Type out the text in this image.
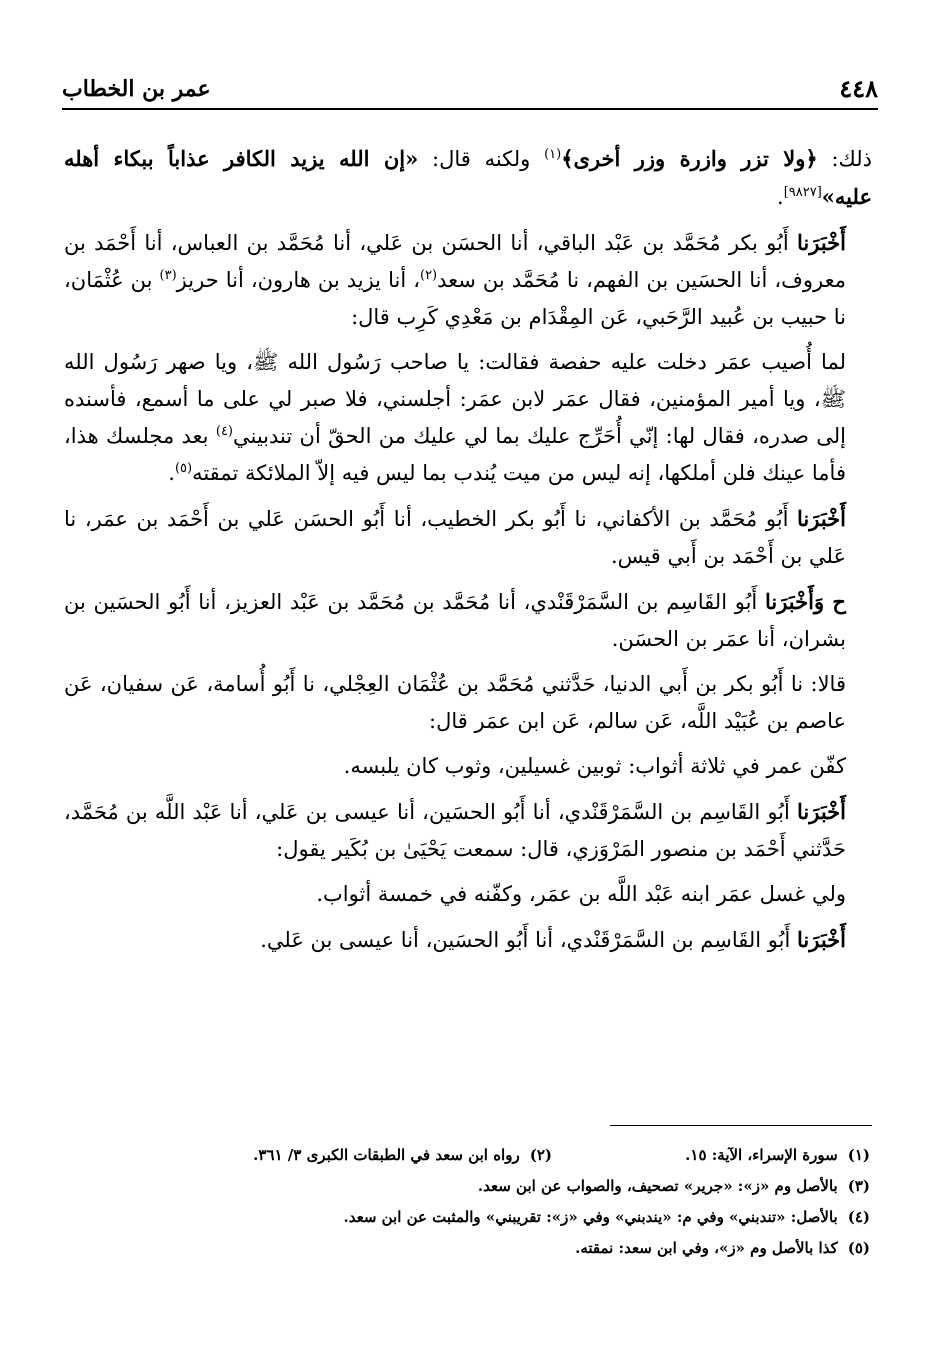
٤٤٨
عمر بن الخطاب

ذلك: ﴿ولا تزر وازرة وزر أخرى﴾$^{(١)}$ ولكنه قال: «إن الله يزيد الكافر عذاباً ببكاء أهله عليه»[٩٨٢٧].

أَخْبَرَنا أَبُو بكر مُحَمَّد بن عَبْد الباقي، أنا الحسَن بن عَلي، أنا مُحَمَّد بن العباس، أنا أَحْمَد بن معروف، أنا الحسَين بن الفهم، نا مُحَمَّد بن سعد$^{(٢)}$، أنا يزيد بن هارون، أنا حريز$^{(٣)}$ بن عُثْمَان، نا حبيب بن عُبيد الرَّحَبي، عَن المِقْدَام بن مَعْدِي كَرِب قال:

لما أُصيب عمَر دخلت عليه حفصة فقالت: يا صاحب رَسُول الله ﷺ، ويا صهر رَسُول الله ﷺ، ويا أمير المؤمنين، فقال عمَر لابن عمَر: أجلسني، فلا صبر لي على ما أسمع، فأسنده إلى صدره، فقال لها: إنّي أُحَرِّج عليك بما لي عليك من الحقّ أن تندبيني$^{(٤)}$ بعد مجلسك هذا، فأما عينك فلن أملكها، إنه ليس من ميت يُندب بما ليس فيه إلاّ الملائكة تمقته$^{(٥)}$.

أَخْبَرَنا أَبُو مُحَمَّد بن الأكفاني، نا أَبُو بكر الخطيب، أنا أَبُو الحسَن عَلي بن أَحْمَد بن عمَر، نا عَلي بن أَحْمَد بن أَبي قيس.

ح وَأَخْبَرَنا أَبُو القَاسِم بن السَّمَرْقَنْدي، أنا مُحَمَّد بن مُحَمَّد بن عَبْد العزيز، أنا أَبُو الحسَين بن بشران، أنا عمَر بن الحسَن.

قالا: نا أَبُو بكر بن أَبي الدنيا، حَدَّثني مُحَمَّد بن عُثْمَان العِجْلي، نا أَبُو أُسامة، عَن سفيان، عَن عاصم بن عُبَيْد اللَّه، عَن سالم، عَن ابن عمَر قال:

كفّن عمر في ثلاثة أثواب: ثوبين غسيلين، وثوب كان يلبسه.

أَخْبَرَنا أَبُو القَاسِم بن السَّمَرْقَنْدي، أنا أَبُو الحسَين، أنا عيسى بن عَلي، أنا عَبْد اللَّه بن مُحَمَّد، حَدَّثني أَحْمَد بن منصور المَرْوَزي، قال: سمعت يَحْيَىٰ بن بُكَير يقول:

ولي غسل عمَر ابنه عَبْد اللَّه بن عمَر، وكفّنه في خمسة أثواب.

أَخْبَرَنا أَبُو القَاسِم بن السَّمَرْقَنْدي، أنا أَبُو الحسَين، أنا عيسى بن عَلي.

(١)سورة الإسراء، الآية: ١٥.
(٢)رواه ابن سعد في الطبقات الكبرى ٣/ ٣٦١.
(٣)
بالأصل وم «ز»: «جرير» تصحيف، والصواب عن ابن سعد.
(٤)
بالأصل: «تندبني» وفي م: «يندبني» وفي «ز»: تقريبني» والمثبت عن ابن سعد.
(٥)
كذا بالأصل وم «ز»، وفي ابن سعد: نمقته.
